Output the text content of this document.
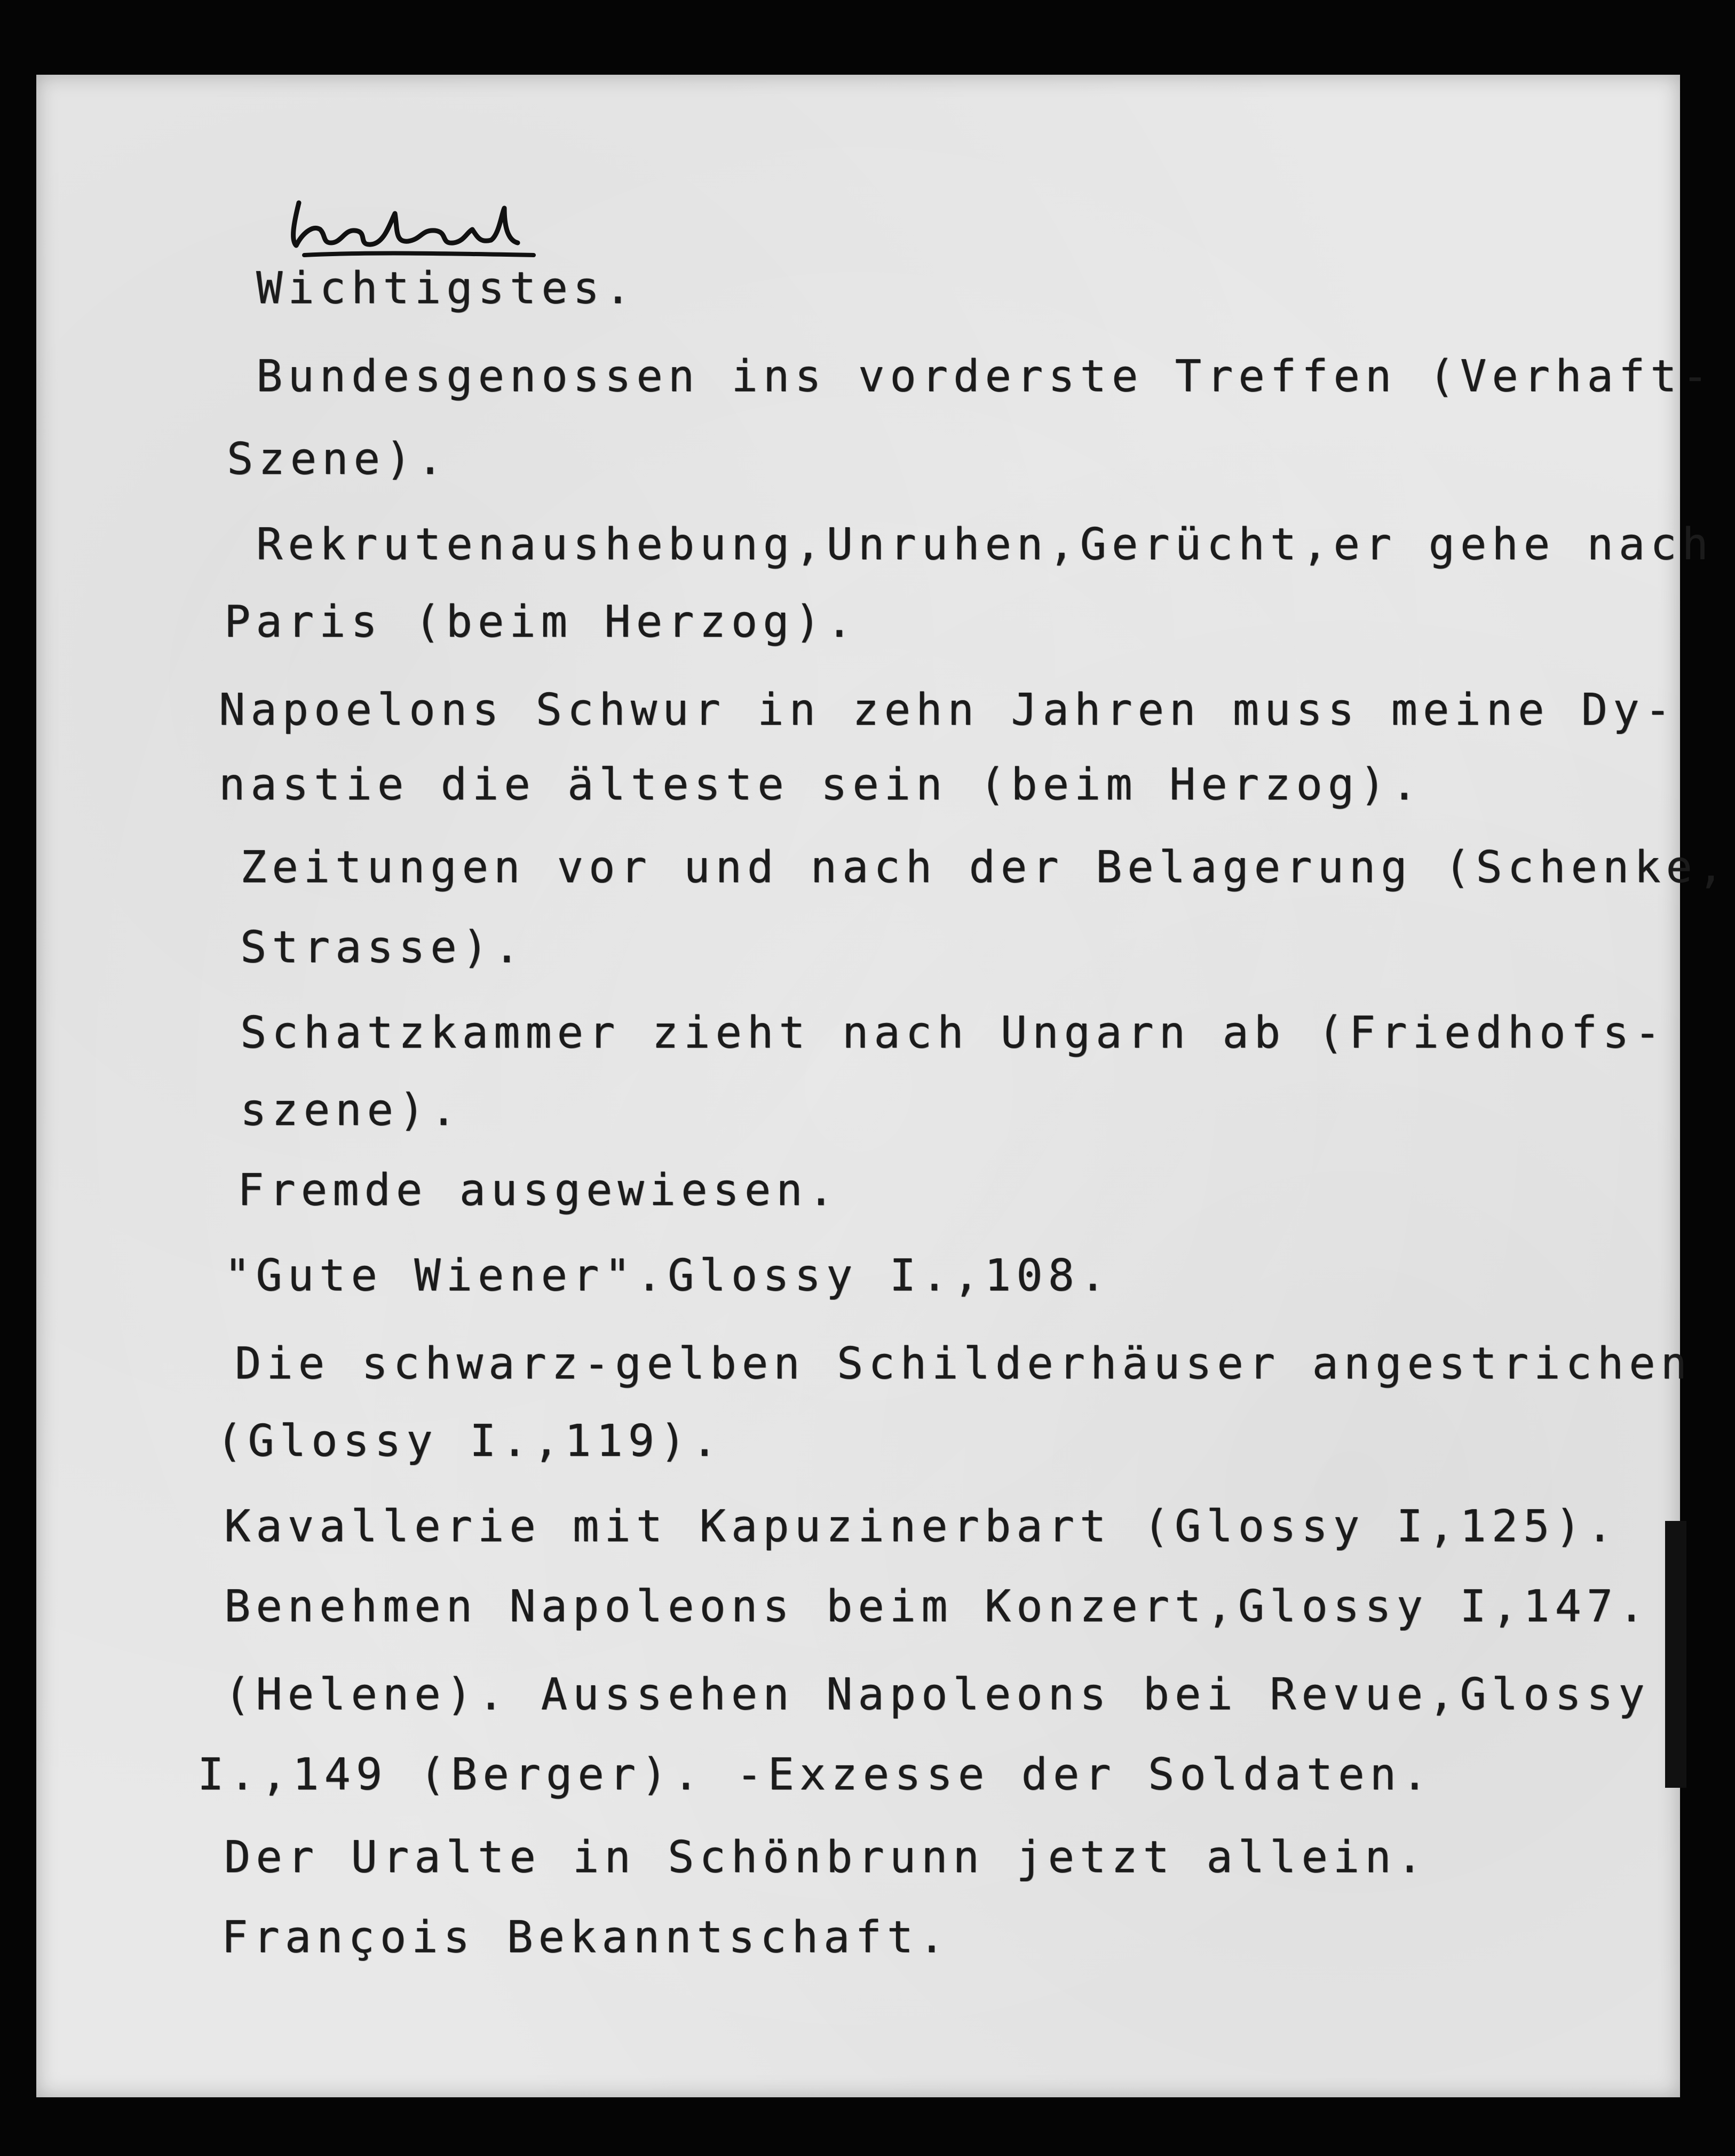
Wichtigstes.
Bundesgenossen ins vorderste Treffen (Verhaft-
Szene).
Rekrutenaushebung,Unruhen,Gerücht,er gehe nach
Paris (beim Herzog).
Napoelons Schwur in zehn Jahren muss meine Dy-
nastie die älteste sein (beim Herzog).
Zeitungen vor und nach der Belagerung (Schenke,
Strasse).
Schatzkammer zieht nach Ungarn ab (Friedhofs-
szene).
Fremde ausgewiesen.
"Gute Wiener".Glossy I.,108.
Die schwarz-gelben Schilderhäuser angestrichen
(Glossy I.,119).
Kavallerie mit Kapuzinerbart (Glossy I,125).
Benehmen Napoleons beim Konzert,Glossy I,147.
(Helene). Aussehen Napoleons bei Revue,Glossy
I.,149 (Berger). -Exzesse der Soldaten.
Der Uralte in Schönbrunn jetzt allein.
François Bekanntschaft.
